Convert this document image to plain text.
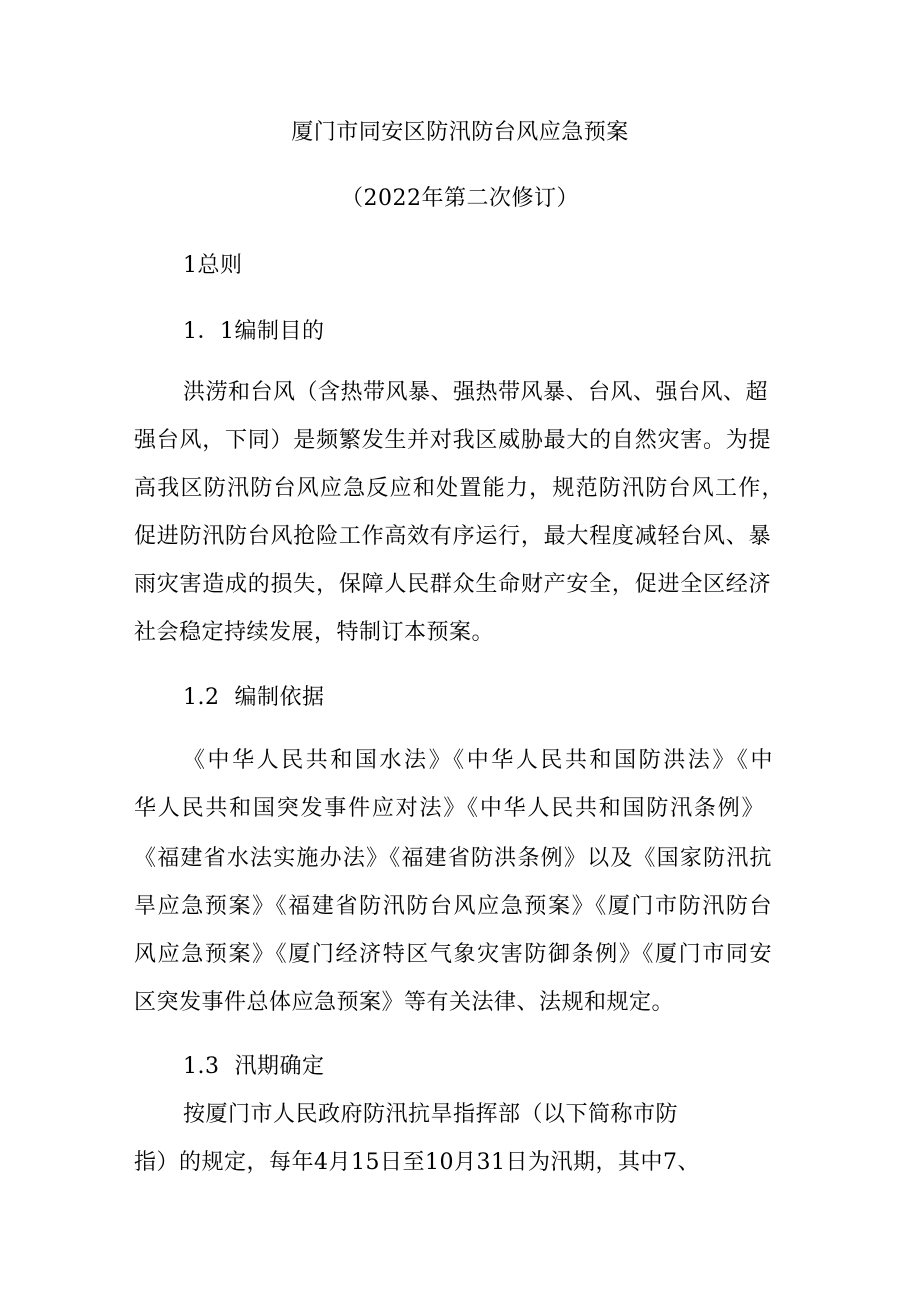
厦门市同安区防汛防台风应急预案
（2022年第二次修订）
1总则
1．1编制目的
洪涝和台风（含热带风暴、强热带风暴、台风、强台风、超
强台风，下同）是频繁发生并对我区威胁最大的自然灾害。为提
高我区防汛防台风应急反应和处置能力，规范防汛防台风工作，
促进防汛防台风抢险工作高效有序运行，最大程度减轻台风、暴
雨灾害造成的损失，保障人民群众生命财产安全，促进全区经济
社会稳定持续发展，特制订本预案。
1.2  编制依据
《中华人民共和国水法》《中华人民共和国防洪法》《中
华人民共和国突发事件应对法》《中华人民共和国防汛条例》
《福建省水法实施办法》《福建省防洪条例》以及《国家防汛抗
旱应急预案》《福建省防汛防台风应急预案》《厦门市防汛防台
风应急预案》《厦门经济特区气象灾害防御条例》《厦门市同安
区突发事件总体应急预案》等有关法律、法规和规定。
1.3  汛期确定
按厦门市人民政府防汛抗旱指挥部（以下简称市防
指）的规定，每年4月15日至10月31日为汛期，其中7、
